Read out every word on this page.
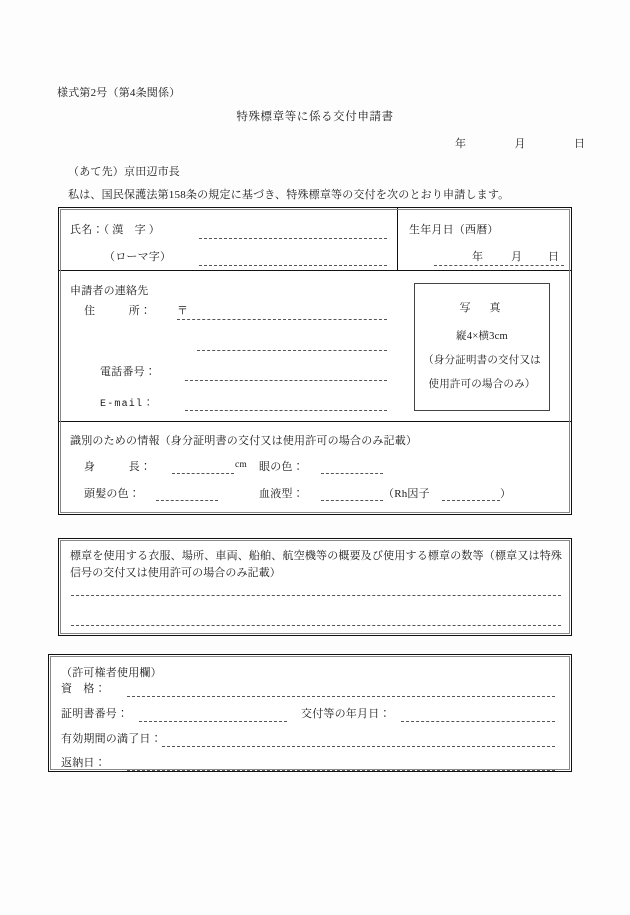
様式第2号（第4条関係）
特殊標章等に係る交付申請書
年	月	日
（あて先）京田辺市長
私は、国民保護法第158条の規定に基づき、特殊標章等の交付を次のとおり申請します。
氏名：（ 漢　字 ）
（ローマ字）
生年月日（西暦）
年	月 日
申請者の連絡先
住　　　所： 〒
電話番号：
E-mail：
写　真
縦4×横3cm
（身分証明書の交付又は
使用許可の場合のみ）
識別のための情報（身分証明書の交付又は使用許可の場合のみ記載）
身　　　長：	cm 眼の色：
頭髪の色：	血液型：	（Rh因子	）
標章を使用する衣服、場所、車両、船舶、航空機等の概要及び使用する標章の数等（標章又は特殊信号の交付又は使用許可の場合のみ記載）
（許可権者使用欄）
資　格：
証明書番号：	交付等の年月日：
有効期間の満了日：
返納日：
